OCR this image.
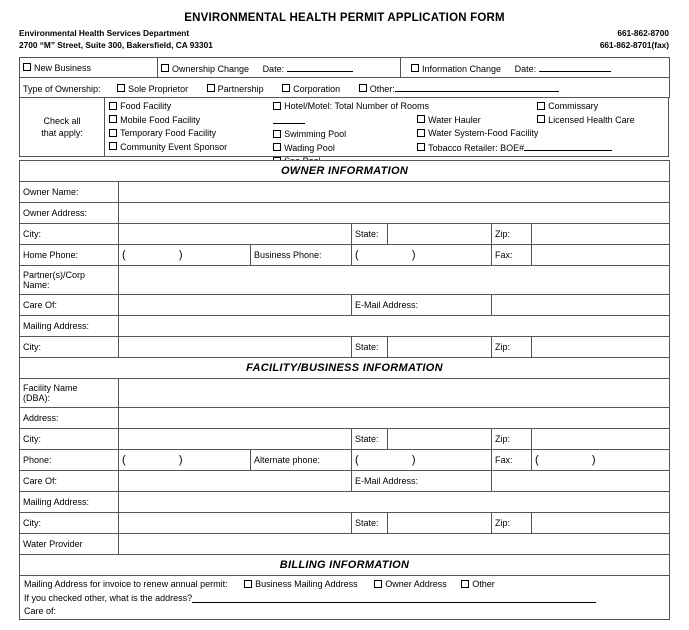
ENVIRONMENTAL HEALTH PERMIT APPLICATION FORM
Environmental Health Services Department
2700 “M” Street, Suite 300, Bakersfield, CA 93301
661-862-8700
661-862-8701(fax)
New Business	Ownership Change Date:	Information Change Date:
Type of Ownership:	Sole Proprietor	Partnership	Corporation	Other:
Check all
that apply:

Food Facility
Mobile Food Facility
Temporary Food Facility
Community Event Sponsor
Hotel/Motel: Total Number of Rooms
Swimming Pool
Wading Pool
Water Hauler
Water System-Food Facility
Tobacco Retailer: BOE#
Commissary
Licensed Health Care
OWNER INFORMATION						
Owner Name:						
Owner Address:						
City:			State:		Zip:	
Home Phone:	(   )	Business Phone:	(   )		Fax:	

Partner(s)/Corp
Name:						

Care Of:			E-Mail Address:			
Mailing Address:						
City:			State:		Zip:	
FACILITY/BUSINESS INFORMATION						

Facility Name
(DBA):						

Address:						
City:			State:		Zip:	
Phone:	(   )	Alternate phone:	(   )		Fax:	(   )
Care Of:			E-Mail Address:			
Mailing Address:						
City:			State:		Zip:	
Water Provider						
BILLING INFORMATION						
Mailing Address for invoice to renew annual permit: Business Mailing Address Owner Address Other						
If you checked other, what is the address?						
Care of:						
